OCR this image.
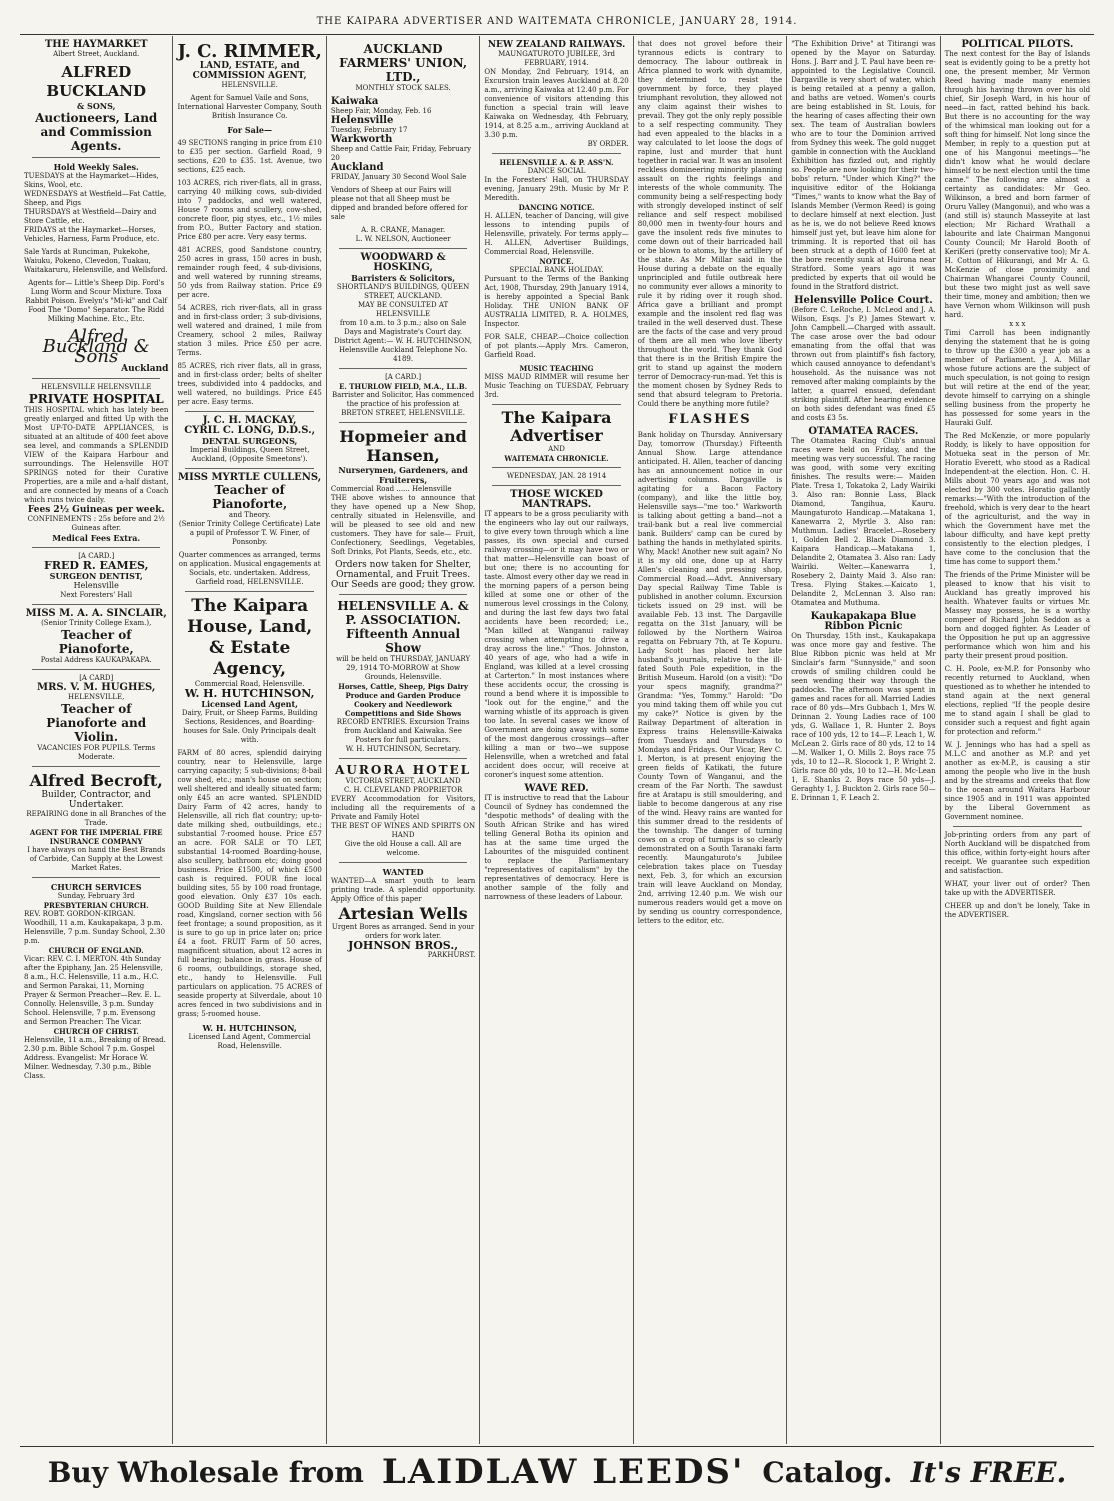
THE KAIPARA ADVERTISER AND WAITEMATA CHRONICLE, JANUARY 28, 1914.
THE HAYMARKET
Albert Street, Auckland.
ALFRED BUCKLAND
& SONS,
Auctioneers, Land and Commission Agents.
Hold Weekly Sales.
TUESDAYS at the Haymarket—Hides, Skins, Wool, etc.
WEDNESDAYS at Westfield—Fat Cattle, Sheep, and Pigs
THURSDAYS at Westfield—Dairy and Store Cattle, etc.
FRIDAYS at the Haymarket—Horses, Vehicles, Harness, Farm Produce, etc.
Sale Yards at Runciman, Pukekohe, Waiuku, Pokeno, Clevedon, Tuakau, Waitakaruru, Helensville, and Wellsford.
Agents for— Little's Sheep Dip. Ford's Lung Worm and Scour Mixture. Toxa Rabbit Poison. Evelyn's "Mi-ki" and Calf Food The "Domo" Separator. The Ridd Milking Machine. Etc., Etc.
Alfred Buckland & Sons
Auckland
HELENSVILLE HELENSVILLE
PRIVATE HOSPITAL
THIS HOSPITAL which has lately been greatly enlarged and fitted Up with the Most UP-TO-DATE APPLIANCES, is situated at an altitude of 400 feet above sea level, and commands a SPLENDID VIEW of the Kaipara Harbour and surroundings. The Helensville HOT SPRINGS noted for their Curative Properties, are a mile and a-half distant, and are connected by means of a Coach which runs twice daily.
Fees 2½ Guineas per week.
CONFINEMENTS : 25s before and 2½ Guineas after.
Medical Fees Extra.
[A CARD.]
FRED R. EAMES,
SURGEON DENTIST,
Helensville
Next Foresters' Hall
MISS M. A. A. SINCLAIR,
(Senior Trinity College Exam.),
Teacher of Pianoforte,
Postal Address KAUKAPAKAPA.
[A CARD]
MRS. V. M. HUGHES,
HELENSVILLE,
Teacher of Pianoforte and Violin.
VACANCIES FOR PUPILS. Terms Moderate.
Alfred Becroft,
Builder, Contractor, and Undertaker.
REPAIRING done in all Branches of the Trade.
AGENT FOR THE IMPERIAL FIRE INSURANCE COMPANY
I have always on hand the Best Brands of Carbide, Can Supply at the Lowest Market Rates.
CHURCH SERVICES
Sunday, February 3rd
PRESBYTERIAN CHURCH.
REV. ROBT. GORDON-KIRGAN. Woodhill, 11 a.m. Kaukapakapa, 3 p.m. Helensville, 7 p.m. Sunday School, 2.30 p.m.
CHURCH OF ENGLAND.
Vicar: REV. C. I. MERTON. 4th Sunday after the Epiphany, Jan. 25 Helensville, 8 a.m., H.C. Helensville, 11 a.m., H.C. and Sermon Parakai, 11, Morning Prayer & Sermon Preacher—Rev. E. L. Connolly. Helensville, 3 p.m. Sunday School. Helensville, 7 p.m. Evensong and Sermon Preacher: The Vicar.
CHURCH OF CHRIST.
Helensville, 11 a.m., Breaking of Bread. 2.30 p.m. Bible School 7 p.m. Gospel Address. Evangelist: Mr Horace W. Milner. Wednesday, 7.30 p.m., Bible Class.
J. C. RIMMER,
LAND, ESTATE, and COMMISSION AGENT,
HELENSVILLE.
Agent for Samuel Vaile and Sons, International Harvester Company, South British Insurance Co.
For Sale—
49 SECTIONS ranging in price from £10 to £35 per section. Garfield Road, 9 sections, £20 to £35. 1st. Avenue, two sections, £25 each.
103 ACRES, rich river-flats, all in grass, carrying 40 milking cows, sub-divided into 7 paddocks, and well watered, House 7 rooms and scullery, cow-shed, concrete floor, pig styes, etc., 1½ miles from P.O., Butter Factory and station. Price £80 per acre. Very easy terms.
481 ACRES, good Sandstone country, 250 acres in grass, 150 acres in bush, remainder rough feed, 4 sub-divisions, and well watered by running streams, 50 yds from Railway station. Price £9 per acre.
54 ACRES, rich river-flats, all in grass and in first-class order; 3 sub-divisions, well watered and drained, 1 mile from Creamery, school 2 miles, Railway station 3 miles. Price £50 per acre. Terms.
85 ACRES, rich river flats, all in grass, and in first-class order; belts of shelter trees, subdivided into 4 paddocks, and well watered, no buildings. Price £45 per acre. Easy terms.
J. C. H. MACKAY,
CYRIL C. LONG, D.D.S.,
DENTAL SURGEONS,
Imperial Buildings, Queen Street, Auckland, (Opposite Smeetons').
MISS MYRTLE CULLENS,
Teacher of Pianoforte,
and Theory.
(Senior Trinity College Certificate) Late a pupil of Professor T. W. Finer, of Ponsonby.
Quarter commences as arranged, terms on application. Musical engagements at Socials, etc. undertaken. Address, Garfield road, HELENSVILLE.
The Kaipara House, Land, & Estate Agency,
Commercial Road, Helensville.
W. H. HUTCHINSON,
Licensed Land Agent,
Dairy, Fruit, or Sheep Farms, Building Sections, Residences, and Boarding-houses for Sale. Only Principals dealt with.
FARM of 80 acres, splendid dairying country, near to Helensville, large carrying capacity; 5 sub-divisions; 8-bail cow shed, etc.; man's house on section; well sheltered and ideally situated farm; only £45 an acre wanted. SPLENDID Dairy Farm of 42 acres, handy to Helensville, all rich flat country; up-to-date milking shed, outbuildings, etc.; substantial 7-roomed house. Price £57 an acre. FOR SALE or TO LET, substantial 14-roomed Boarding-house, also scullery, bathroom etc; doing good business. Price £1500, of which £500 cash is required. FOUR fine local building sites, 55 by 100 road frontage, good elevation. Only £37 10s each. GOOD Building Site at New Ellendale road, Kingsland, corner section with 56 feet frontage; a sound proposition, as it is sure to go up in price later on; price £4 a foot. FRUIT Farm of 50 acres, magnificent situation, about 12 acres in full bearing; balance in grass. House of 6 rooms, outbuildings, storage shed, etc., handy to Helensville. Full particulars on application. 75 ACRES of seaside property at Silverdale, about 10 acres fenced in two subdivisions and in grass; 5-roomed house.
W. H. HUTCHINSON,
Licensed Land Agent, Commercial Road, Helensville.
AUCKLAND FARMERS' UNION, LTD.,
MONTHLY STOCK SALES.
Kaiwaka
Sheep Fair, Monday, Feb. 16
Helensville
Tuesday, February 17
Warkworth
Sheep and Cattle Fair, Friday, February 20
Auckland
FRIDAY, January 30 Second Wool Sale
Vendors of Sheep at our Fairs will please not that all Sheep must be dipped and branded before offered for sale
A. R. CRANE, Manager.
L. W. NELSON, Auctioneer
WOODWARD & HOSKING,
Barristers & Solicitors,
SHORTLAND'S BUILDINGS, QUEEN STREET, AUCKLAND.
MAY BE CONSULTED AT HELENSVILLE
from 10 a.m. to 3 p.m.; also on Sale Days and Magistrate's Court day.
District Agent:— W. H. HUTCHINSON, Helensville Auckland Telephone No. 4189.
[A CARD.]
E. THURLOW FIELD, M.A., LL.B.
Barrister and Solicitor, Has commenced the practice of his profession at BRETON STREET, HELENSVILLE.
Hopmeier and Hansen,
Nurserymen, Gardeners, and Fruiterers,
Commercial Road ...... Helensville
THE above wishes to announce that they have opened up a New Shop, centrally situated in Helensville, and will be pleased to see old and new customers. They have for sale— Fruit, Confectionery, Seedlings, Vegetables, Soft Drinks, Pot Plants, Seeds, etc., etc.
Orders now taken for Shelter, Ornamental, and Fruit Trees.
Our Seeds are good; they grow.
HELENSVILLE A. & P. ASSOCIATION.
Fifteenth Annual Show
will be held on THURSDAY, JANUARY 29, 1914 TO-MORROW at Show Grounds, Helensville.
Horses, Cattle, Sheep, Pigs Dairy Produce and Garden Produce Cookery and Needlework Competitions and Side Shows
RECORD ENTRIES. Excursion Trains from Auckland and Kaiwaka. See Posters for full particulars.
W. H. HUTCHINSON, Secretary.
AURORA HOTEL
VICTORIA STREET, AUCKLAND
C. H. CLEVELAND PROPRIETOR
EVERY Accommodation for Visitors, including all the requirements of a Private and Family Hotel
THE BEST OF WINES AND SPIRITS ON HAND
Give the old House a call. All are welcome.
WANTED
WANTED—A smart youth to learn printing trade. A splendid opportunity. Apply Office of this paper
Artesian Wells
Urgent Bores as arranged. Send in your orders for work later.
JOHNSON BROS.,
PARKHURST.
NEW ZEALAND RAILWAYS.
MAUNGATUROTO JUBILEE, 3rd FEBRUARY, 1914.
ON Monday, 2nd February, 1914, an Excursion train leaves Auckland at 8.20 a.m., arriving Kaiwaka at 12.40 p.m. For convenience of visitors attending this function a special train will leave Kaiwaka on Wednesday, 4th February, 1914, at 8.25 a.m., arriving Auckland at 3.30 p.m.
BY ORDER.
HELENSVILLE A. & P. ASS'N.
DANCE SOCIAL
In the Foresters' Hall, on THURSDAY evening, January 29th. Music by Mr P. Meredith.
DANCING NOTICE.
H. ALLEN, teacher of Dancing, will give lessons to intending pupils of Helensville, privately. For terms apply— H. ALLEN, Advertiser Buildings, Commercial Road, Helensville.
NOTICE.
SPECIAL BANK HOLIDAY.
Pursuant to the Terms of the Banking Act, 1908, Thursday, 29th January 1914, is hereby appointed a Special Bank Holiday. THE UNION BANK OF AUSTRALIA LIMITED, R. A. HOLMES, Inspector.
FOR SALE, CHEAP.—Choice collection of pot plants.—Apply Mrs. Cameron, Garfield Road.
MUSIC TEACHING
MISS MAUD RIMMER will resume her Music Teaching on TUESDAY, February 3rd.
The Kaipara Advertiser
AND
WAITEMATA CHRONICLE.
WEDNESDAY, JAN. 28 1914
THOSE WICKED MANTRAPS.
IT appears to be a gross peculiarity with the engineers who lay out our railways, to give every town through which a line passes, its own special and cursed railway crossing—or it may have two or that matter—Helensville can boast of but one; there is no accounting for taste. Almost every other day we read in the morning papers of a person being killed at some one or other of the numerous level crossings in the Colony, and during the last few days two fatal accidents have been recorded; i.e., "Man killed at Wanganui railway crossing when attempting to drive a dray across the line." "Thos. Johnston, 40 years of age, who had a wife in England, was killed at a level crossing at Carterton." In most instances where these accidents occur, the crossing is round a bend where it is impossible to "look out for the engine," and the warning whistle of its approach is given too late. In several cases we know of Government are doing away with some of the most dangerous crossings—after killing a man or two—we suppose Helensville, when a wretched and fatal accident does occur, will receive at coroner's inquest some attention.
WAVE RED.
IT is instructive to read that the Labour Council of Sydney has condemned the "despotic methods" of dealing with the South African Strike and has wired telling General Botha its opinion and has at the same time urged the Labourites of the misguided continent to replace the Parliamentary "representatives of capitalism" by the representatives of democracy. Here is another sample of the folly and narrowness of these leaders of Labour.
that does not grovel before their tyrannous edicts is contrary to democracy. The labour outbreak in Africa planned to work with dynamite, they determined to resist the government by force, they played triumphant revolution, they allowed not any claim against their wishes to prevail. They got the only reply possible to a self respecting community. They had even appealed to the blacks in a way calculated to let loose the dogs of rapine, lust and murder that hunt together in racial war. It was an insolent reckless domineering minority planning assault on the rights feelings and interests of the whole community. The community being a self-respecting body with strongly developed instinct of self reliance and self respect mobilised 80,000 men in twenty-four hours and gave the insolent reds five minutes to come down out of their barricaded hall or be blown to atoms, by the artillery of the state. As Mr Millar said in the House during a debate on the equally unprincipled and futile outbreak here no community ever allows a minority to rule it by riding over it rough shod. Africa gave a brilliant and prompt example and the insolent red flag was trailed in the well deserved dust. These are the facts of the case and very proud of them are all men who love liberty throughout the world. They thank God that there is in the British Empire the grit to stand up against the modern terror of Democracy-run-mad. Yet this is the moment chosen by Sydney Reds to send that absurd telegram to Pretoria. Could there be anything more futile?
FLASHES
Bank holiday on Thursday. Anniversary Day, tomorrow (Thursday.) Fifteenth Annual Show. Large attendance anticipated. H. Allen, teacher of dancing has an announcement notice in our advertising columns. Dargaville is agitating for a Bacon Factory (company), and like the little boy, Helensville says—"me too." Warkworth is talking about getting a band—not a trail-bank but a real live commercial bank. Builders' camp can be cured by bathing the hands in methylated spirits. Why, Mack! Another new suit again? No it is my old one, done up at Harry Allen's cleaning and pressing shop, Commercial Road.—Advt. Anniversary Day special Railway Time Table is published in another column. Excursion tickets issued on 29 inst. will be available Feb. 13 inst. The Dargaville regatta on the 31st January, will be followed by the Northern Wairoa regatta on February 7th, at Te Kopuru. Lady Scott has placed her late husband's journals, relative to the ill-fated South Pole expedition, in the British Museum. Harold (on a visit): "Do your specs magnify, grandma?" Grandma: "Yes, Tommy." Harold: "Do you mind taking them off while you cut my cake?" Notice is given by the Railway Department of alteration in Express trains Helensville-Kaiwaka from Tuesdays and Thursdays to Mondays and Fridays. Our Vicar, Rev C. I. Merton, is at present enjoying the green fields of Katikati, the future County Town of Wanganui, and the cream of the Far North. The sawdust fire at Aratapu is still smouldering, and liable to become dangerous at any rise of the wind. Heavy rains are wanted for this summer dread to the residents of the township. The danger of turning cows on a crop of turnips is so clearly demonstrated on a South Taranaki farm recently. Maungaturoto's Jubilee celebration takes place on Tuesday next, Feb. 3, for which an excursion train will leave Auckland on Monday, 2nd, arriving 12.40 p.m. We wish our numerous readers would get a move on by sending us country correspondence, letters to the editor, etc.
"The Exhibition Drive" at Titirangi was opened by the Mayor on Saturday. Hons. J. Barr and J. T. Paul have been re-appointed to the Legislative Council. Dargaville is very short of water, which is being retailed at a penny a gallon, and baths are vetoed. Women's courts are being established in St. Louis, for the hearing of cases affecting their own sex. The team of Australian bowlers who are to tour the Dominion arrived from Sydney this week. The gold nugget gamble in connection with the Auckland Exhibition has fizzled out, and rightly so. People are now looking for their two-bobs' return. "Under which King?" the inquisitive editor of the Hokianga "Times," wants to know what the Bay of Islands Member (Vermon Reed) is going to declare himself at next election. Just as he is, we do not believe Reed knows himself just yet, but leave him alone for trimming. It is reported that oil has been struck at a depth of 1600 feet at the bore recently sunk at Huirona near Stratford. Some years ago it was predicted by experts that oil would be found in the Stratford district.
Helensville Police Court.
(Before C. LeRoche, I. McLeod and J. A. Wilson, Esqs. J's P.) James Stewart v. John Campbell.—Charged with assault. The case arose over the bad odour emanating from the offal that was thrown out from plaintiff's fish factory, which caused annoyance to defendant's household. As the nuisance was not removed after making complaints by the latter, a quarrel ensued, defendant striking plaintiff. After hearing evidence on both sides defendant was fined £5 and costs £3 5s.
OTAMATEA RACES.
The Otamatea Racing Club's annual races were held on Friday, and the meeting was very successful. The racing was good, with some very exciting finishes. The results were:— Maiden Plate. Tresa 1, Tokatoka 2, Lady Wairiki 3. Also ran: Bonnie Lass, Black Diamond, Tangihua, Kauru. Maungaturoto Handicap.—Matakana 1, Kanewarra 2, Myrtle 3. Also ran: Muthmun. Ladies' Bracelet.—Rosebery 1, Golden Bell 2. Black Diamond 3. Kaipara Handicap.—Matakana 1, Delandite 2, Otamatea 3. Also ran: Lady Wairiki. Welter.—Kanewarra 1, Rosebery 2, Dainty Maid 3. Also ran: Tresa. Flying Stakes.—Kaicato 1, Delandite 2, McLennan 3. Also ran: Otamatea and Muthuma.
Kaukapakapa Blue Ribbon Picnic
On Thursday, 15th inst., Kaukapakapa was once more gay and festive. The Blue Ribbon picnic was held at Mr Sinclair's farm "Sunnyside," and soon crowds of smiling children could be seen wending their way through the paddocks. The afternoon was spent in games and races for all. Married Ladies race of 80 yds—Mrs Gubbach 1, Mrs W. Drinnan 2. Young Ladies race of 100 yds, G. Wallace 1, R. Hunter 2. Boys race of 100 yds, 12 to 14—F. Leach 1, W. McLean 2. Girls race of 80 yds, 12 to 14—M. Walker 1, O. Mills 2. Boys race 75 yds, 10 to 12—R. Slocock 1, P. Wright 2. Girls race 80 yds, 10 to 12—H. Mc-Lean 1, E. Shanks 2. Boys race 50 yds—J. Geraghty 1, J. Buckton 2. Girls race 50—E. Drinnan 1, F. Leach 2.
POLITICAL PILOTS.
The next contest for the Bay of Islands seat is evidently going to be a pretty hot one, the present member, Mr Vermon Reed having made many enemies through his having thrown over his old chief, Sir Joseph Ward, in his hour of need—in fact, ratted behind his back. But there is no accounting for the way of the whimsical man looking out for a soft thing for himself. Not long since the Member, in reply to a question put at one of his Mangonui meetings—"he didn't know what he would declare himself to be next election until the time came." The following are almost a certainty as candidates: Mr Geo. Wilkinson, a bred and born farmer of Oruru Valley (Mangonui), and who was a (and still is) staunch Masseyite at last election; Mr Richard Wrathall a labourite and late Chairman Mangonui County Council; Mr Harold Booth of KeriKeri (pretty conservative too); Mr A. H. Cotton of Hikurangi, and Mr A. G. McKenzie of close proximity and Chairman Whangarei County Council, but these two might just as well save their time, money and ambition; then we have Vernon whom Wilkinson will push hard.
x x x
Timi Carroll has been indignantly denying the statement that he is going to throw up the £300 a year job as a member of Parliament. J. A. Millar whose future actions are the subject of much speculation, is not going to resign but will retire at the end of the year, devote himself to carrying on a shingle selling business from the property he has possessed for some years in the Hauraki Gulf.
The Red McKenzie, or more popularly Roddy, is likely to have opposition for Motueka seat in the person of Mr. Horatio Everett, who stood as a Radical Independent-at the election. Hon. C. H. Mills about 70 years ago and was not elected by 300 votes. Horatio gallantly remarks:—"With the introduction of the freehold, which is very dear to the heart of the agriculturist, and the way in which the Government have met the labour difficulty, and have kept pretty consistently to the election pledges, I have come to the conclusion that the time has come to support them."
The friends of the Prime Minister will be pleased to know that his visit to Auckland has greatly improved his health. Whatever faults or virtues Mr. Massey may possess, he is a worthy compeer of Richard John Seddon as a born and dogged fighter. As Leader of the Opposition he put up an aggressive performance which won him and his party their present proud position.
C. H. Poole, ex-M.P. for Ponsonby who recently returned to Auckland, when questioned as to whether he intended to stand again at the next general elections, replied "If the people desire me to stand again I shall be glad to consider such a request and fight again for protection and reform."
W. J. Jennings who has had a spell as M.L.C and another as M.P. and yet another as ex-M.P., is causing a stir among the people who live in the bush and by the streams and creeks that flow to the ocean around Waitara Harbour since 1905 and in 1911 was appointed by the Liberal Government as Government nominee.
Job-printing orders from any part of North Auckland will be dispatched from this office, within forty-eight hours after receipt. We guarantee such expedition and satisfaction.
WHAT, your liver out of order? Then take up with the ADVERTISER.
CHEER up and don't be lonely, Take in the ADVERTISER.
Buy Wholesale from LAIDLAW LEEDS' Catalog. It's FREE.
